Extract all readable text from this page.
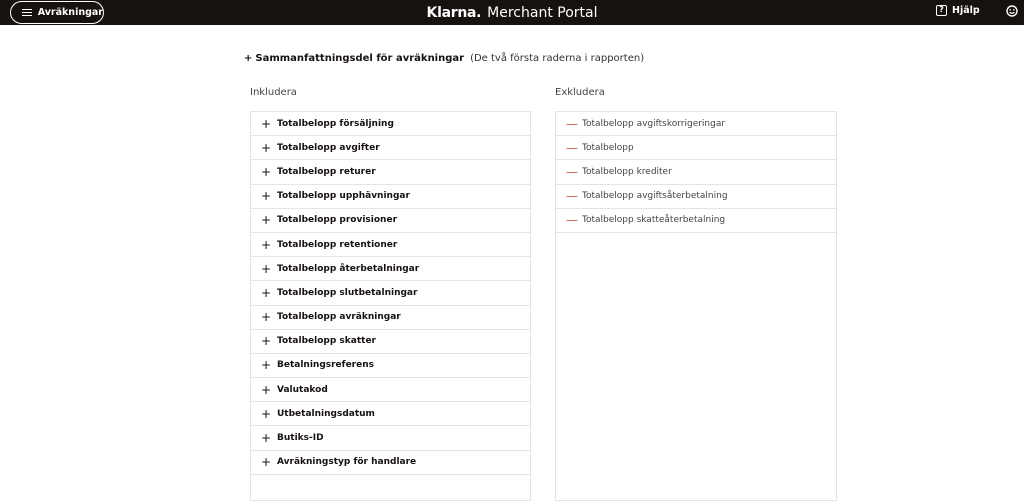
Avräkningar	Klarna. Merchant Portal	? Hjälp
+ Sammanfattningsdel för avräkningar (De två första raderna i rapporten)
Inkludera	Exkludera
+ Totalbelopp försäljning
+ Totalbelopp avgifter
+ Totalbelopp returer
+ Totalbelopp upphävningar
+ Totalbelopp provisioner
+ Totalbelopp retentioner
+ Totalbelopp återbetalningar
+ Totalbelopp slutbetalningar
+ Totalbelopp avräkningar
+ Totalbelopp skatter
+ Betalningsreferens
+ Valutakod
+ Utbetalningsdatum
+ Butiks-ID
+ Avräkningstyp för handlare
— Totalbelopp avgiftskorrigeringar
— Totalbelopp
— Totalbelopp krediter
— Totalbelopp avgiftsåterbetalning
— Totalbelopp skatteåterbetalning
